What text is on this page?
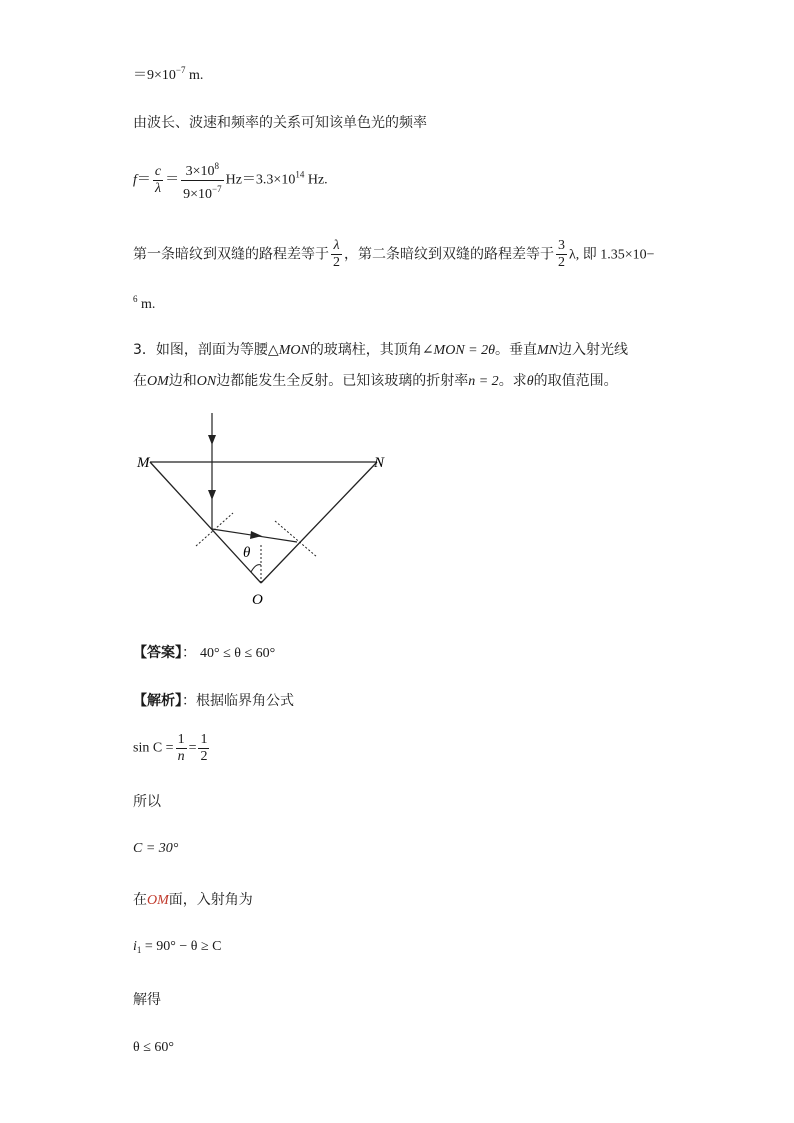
$=9\times 10^{-7}$ m.
由波长、波速和频率的关系可知该单色光的频率
$f= \frac{c}{\lambda} = \frac{3\times 10^8}{9\times 10^{-7}} Hz=3.3\times 10^{14}$ Hz.
第一条暗纹到双缝的路程差等于 $\frac{\lambda}{2}$ ，第二条暗纹到双缝的路程差等于 $\frac{3}{2} \lambda$, 即 1.35×10−
$^6$ m.
3．如图，剖面为等腰△MON的玻璃柱，其顶角∠MON = 2θ。垂直MN边入射光线
在OM边和ON边都能发生全反射。已知该玻璃的折射率n = 2。求θ的取值范围。
M	N
O
θ
【答案】： 40° ≤ θ ≤ 60°
【解析】：根据临界角公式
$\sin C = \frac{1}{n} = \frac{1}{2}$
所以
C = 30°
在OM面，入射角为
$i_1 = 90^\circ - \theta \ge C$
解得
θ ≤ 60°
